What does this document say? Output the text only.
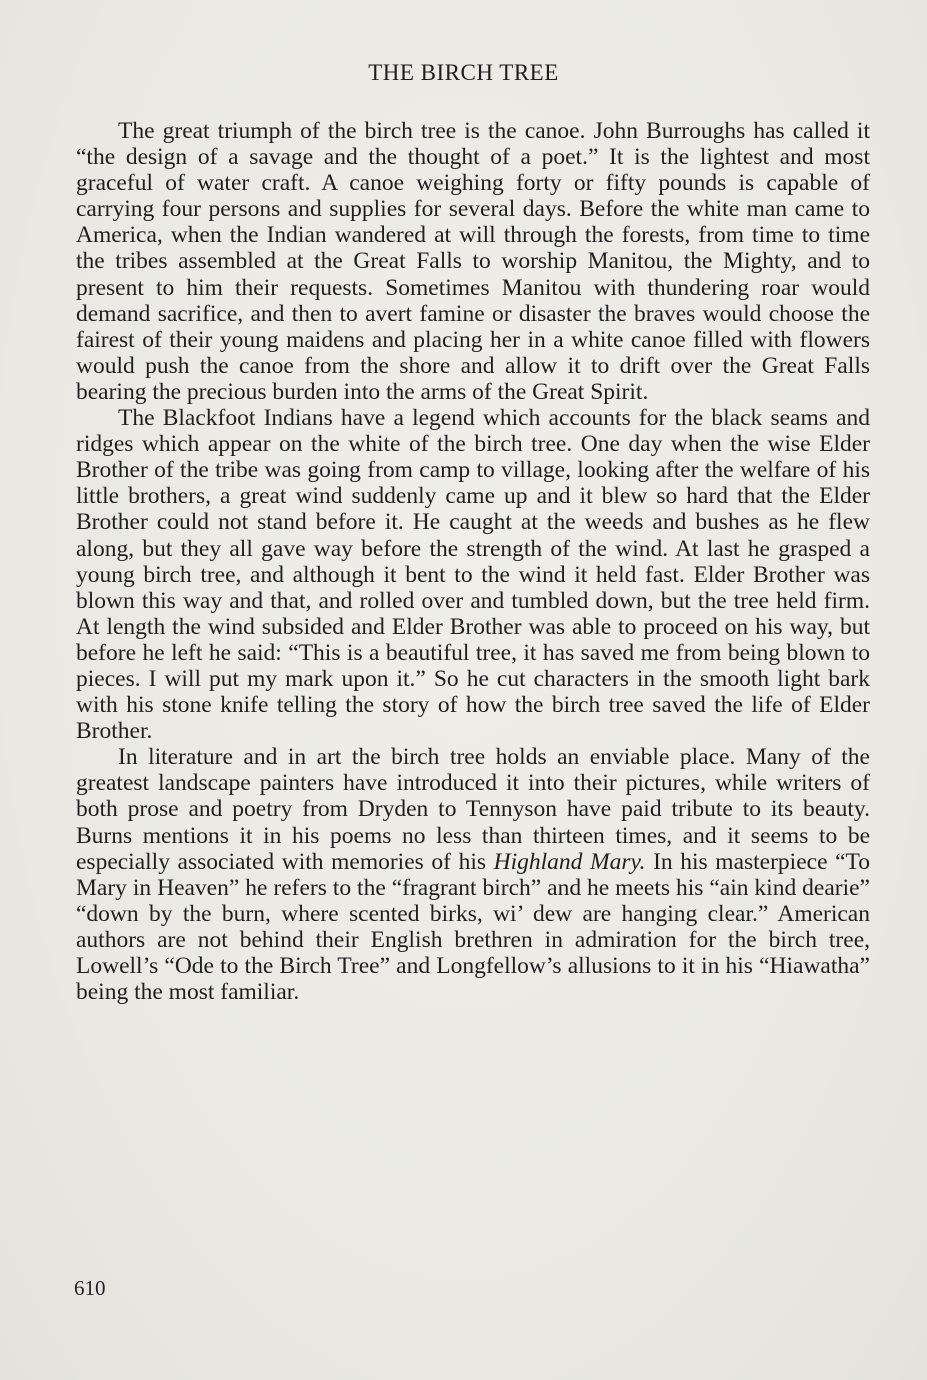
THE BIRCH TREE

The great triumph of the birch tree is the canoe. John Burroughs has called it “the design of a savage and the thought of a poet.” It is the lightest and most graceful of water craft. A canoe weighing forty or fifty pounds is capable of carrying four persons and supplies for several days. Before the white man came to America, when the Indian wandered at will through the forests, from time to time the tribes assembled at the Great Falls to worship Manitou, the Mighty, and to present to him their requests. Sometimes Manitou with thundering roar would demand sacrifice, and then to avert famine or disaster the braves would choose the fairest of their young maidens and placing her in a white canoe filled with flowers would push the canoe from the shore and allow it to drift over the Great Falls bearing the precious burden into the arms of the Great Spirit.

The Blackfoot Indians have a legend which accounts for the black seams and ridges which appear on the white of the birch tree. One day when the wise Elder Brother of the tribe was going from camp to village, looking after the welfare of his little brothers, a great wind suddenly came up and it blew so hard that the Elder Brother could not stand before it. He caught at the weeds and bushes as he flew along, but they all gave way before the strength of the wind. At last he grasped a young birch tree, and although it bent to the wind it held fast. Elder Brother was blown this way and that, and rolled over and tumbled down, but the tree held firm. At length the wind subsided and Elder Brother was able to proceed on his way, but before he left he said: “This is a beautiful tree, it has saved me from being blown to pieces. I will put my mark upon it.” So he cut characters in the smooth light bark with his stone knife telling the story of how the birch tree saved the life of Elder Brother.

In literature and in art the birch tree holds an enviable place. Many of the greatest landscape painters have introduced it into their pictures, while writers of both prose and poetry from Dryden to Tennyson have paid tribute to its beauty. Burns mentions it in his poems no less than thirteen times, and it seems to be especially associated with memories of his Highland Mary. In his masterpiece “To Mary in Heaven” he refers to the “fragrant birch” and he meets his “ain kind dearie” “down by the burn, where scented birks, wi’ dew are hanging clear.” American authors are not behind their English brethren in admiration for the birch tree, Lowell’s “Ode to the Birch Tree” and Longfellow’s allusions to it in his “Hiawatha” being the most familiar.

610
